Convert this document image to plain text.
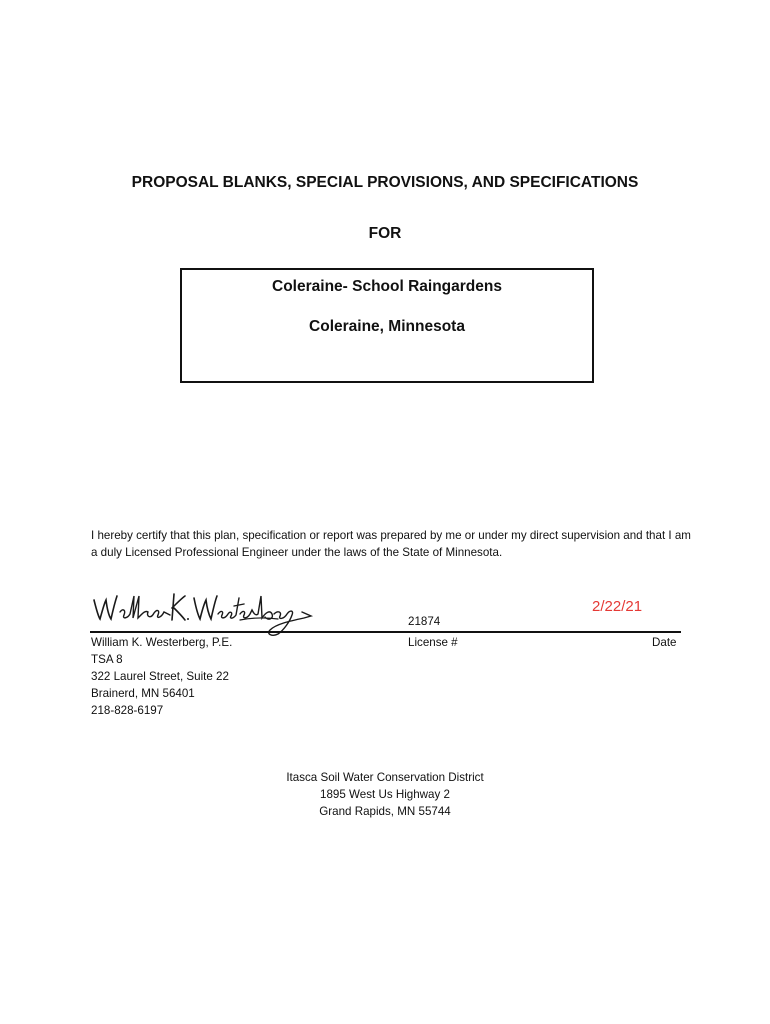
PROPOSAL BLANKS, SPECIAL PROVISIONS, AND SPECIFICATIONS
FOR
Coleraine- School Raingardens
Coleraine, Minnesota
I hereby certify that this plan, specification or report was prepared by me or under my direct supervision and that I am a duly Licensed Professional Engineer under the laws of the State of Minnesota.
21874
2/22/21
William K. Westerberg, P.E.
TSA 8
322 Laurel Street, Suite 22
Brainerd, MN 56401
218-828-6197
License #	Date
Itasca Soil Water Conservation District
1895 West Us Highway 2
Grand Rapids, MN 55744
